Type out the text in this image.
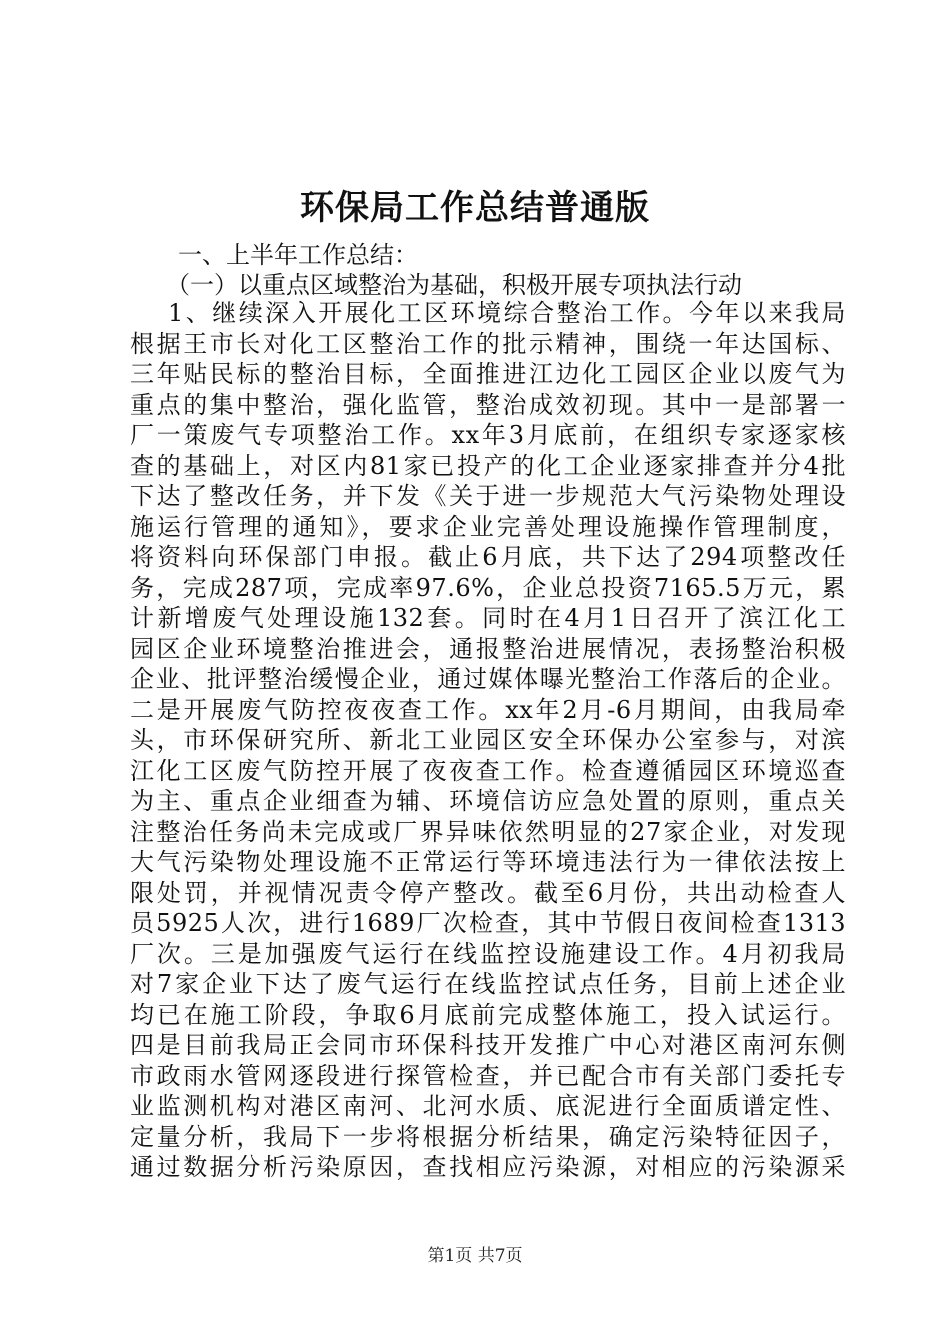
环保局工作总结普通版
一、上半年工作总结：
（一）以重点区域整治为基础，积极开展专项执法行动
1、继续深入开展化工区环境综合整治工作。今年以来我局
根据王市长对化工区整治工作的批示精神，围绕一年达国标、
三年贴民标的整治目标，全面推进江边化工园区企业以废气为
重点的集中整治，强化监管，整治成效初现。其中一是部署一
厂一策废气专项整治工作。xx年3月底前，在组织专家逐家核
查的基础上，对区内81家已投产的化工企业逐家排查并分4批
下达了整改任务，并下发《关于进一步规范大气污染物处理设
施运行管理的通知》，要求企业完善处理设施操作管理制度，
将资料向环保部门申报。截止6月底，共下达了294项整改任
务，完成287项，完成率97.6%，企业总投资7165.5万元，累
计新增废气处理设施132套。同时在4月1日召开了滨江化工
园区企业环境整治推进会，通报整治进展情况，表扬整治积极
企业、批评整治缓慢企业，通过媒体曝光整治工作落后的企业。
二是开展废气防控夜夜查工作。xx年2月-6月期间，由我局牵
头，市环保研究所、新北工业园区安全环保办公室参与，对滨
江化工区废气防控开展了夜夜查工作。检查遵循园区环境巡查
为主、重点企业细查为辅、环境信访应急处置的原则，重点关
注整治任务尚未完成或厂界异味依然明显的27家企业，对发现
大气污染物处理设施不正常运行等环境违法行为一律依法按上
限处罚，并视情况责令停产整改。截至6月份，共出动检查人
员5925人次，进行1689厂次检查，其中节假日夜间检查1313
厂次。三是加强废气运行在线监控设施建设工作。4月初我局
对7家企业下达了废气运行在线监控试点任务，目前上述企业
均已在施工阶段，争取6月底前完成整体施工，投入试运行。
四是目前我局正会同市环保科技开发推广中心对港区南河东侧
市政雨水管网逐段进行探管检查，并已配合市有关部门委托专
业监测机构对港区南河、北河水质、底泥进行全面质谱定性、
定量分析，我局下一步将根据分析结果，确定污染特征因子，
通过数据分析污染原因，查找相应污染源，对相应的污染源采
第1页 共7页
